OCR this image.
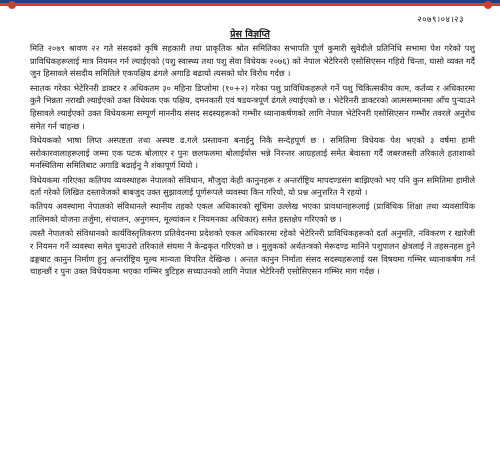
२०७९।०४।२३
प्रेस विज्ञप्ति

मिति २०७९ श्रावण २२ गते संसदको कृषि सहकारी तथा प्राकृतिक श्रोत समितिका सभापति पूर्ण कुमारी सुवेदीले प्रतिनिधि सभामा पेश गरेको पशु प्राविधिकहरूलाई मात्र नियमन गर्न ल्याईएको (पशु स्वास्थ्य तथा पशु सेवा विधेयक २०७६) को नेपाल भेटेरिनरी एसोसिएसन गहिरो चिन्ता, घासो व्यक्त गर्दै जुन हिसावले संसदीय समितिले एकपक्षिय ढंगले अगाडि बढायो त्यसको घोर विरोध गर्दछ ।

स्नातक गरेका भेटेरिनरी डाक्टर र अधिकतम ३० महिना डिप्लोमा (१०+२) गरेका पशु प्राविधिकहरूले गर्ने पशु चिकित्सकीय काम, कर्तव्य र अधिकारमा कुनै भिन्नता नराखी ल्याईएको उक्त विधेयक एक पक्षिय, दमनकारी एवं षडयन्त्रपूर्ण ढंगले ल्याईएको छ । भेटेरिनरी डाक्टरको आत्मसम्मानमा आँच पुर्‍याउने हिसावले ल्याईएको उक्त विधेयकमा सम्पूर्ण माननीय संसद सदस्यहरूको गम्भीर ध्यानाकर्षणको लागि नेपाल भेटेरिनरी एसोसिएसन गम्भीर तवरले अनुरोध समेत गर्न चाहन्छ ।

विधेयकको भाषा लिप्त अस्पष्टता तथा अस्पष्ट ढ.गले प्रस्तावना बनाईनु निकै सन्देहपूर्ण छ । समितिमा विधेयक पेश भएको ३ वर्षमा हामी सरोकारवालाहरूलाई जम्मा एक पटक बोलाएर र पुनः छलफलमा बोलाईयोस भन्ने निरन्तर आग्रहलाई समेत बेवास्ता गर्दै जबरजस्ती तरिकाले हताशाको मनस्थितिमा समितिबाट अगाडि बढाईनु नै शंकापूर्ण थियो ।

विधेयकमा गरिएका कतिपय व्यवस्थाहरू नेपालको संविधान, मौजुदा केही कानुनहरू र अन्तर्राष्ट्रिय मापदण्डसंग बाझिएको भए पनि कुन समितिमा हामीले दर्ता गरेको लिखित दस्तावेजको बाबजुद उक्त सुझावलाई पूर्णरूपले व्यवस्था किन गरियो, यो प्रश्न अनुत्तरित नै रहयो ।

कतिपय अवस्थामा नेपालको संविधानले स्थानीय तहको एकल अधिकारको सूचिमा उल्लेख भएका प्रावधानहरूलाई (प्राविधिक शिक्षा तथा व्यवसायिक तालिमको योजना तर्जुमा, संचालन, अनुगमन, मूल्यांकन र नियमनका अधिकार) समेत हस्तक्षेप गरिएको छ ।

त्यस्तै नेपालको संविधानको कार्यविस्तृतिकरण प्रतिवेदनमा प्रदेशको एकल अधिकारमा रहेको भेटेरिनरी प्राविधिकहरूको दर्ता अनुमति, नविकरण र खारेजी र नियमन गर्ने व्यवस्था समेत घुमाउरो तरिकाले संघमा नै केन्द्रकृत गरिएको छ । मुलुकको अर्थतन्त्रको मेरूदण्ड मानिने पशुपालन क्षेत्रलाई ने तहसनहस हुने ढङ्गबाट कानुन निर्माण हुनु अन्तर्राष्ट्रिय मूल्य मान्यता विपरित देखिन्छ । अन्तत कानुन निर्माता संसद सदस्यहरूलाई यस विषयमा गम्भिर ध्यानाकर्षण गर्न चाहन्छौं र पुनः उक्त विधेयकमा भएका गम्भिर त्रुटिहरु सच्याउनको लागि नेपाल भेटेरिनरी एसोसिएसन गम्भिर माग गर्दछ ।
